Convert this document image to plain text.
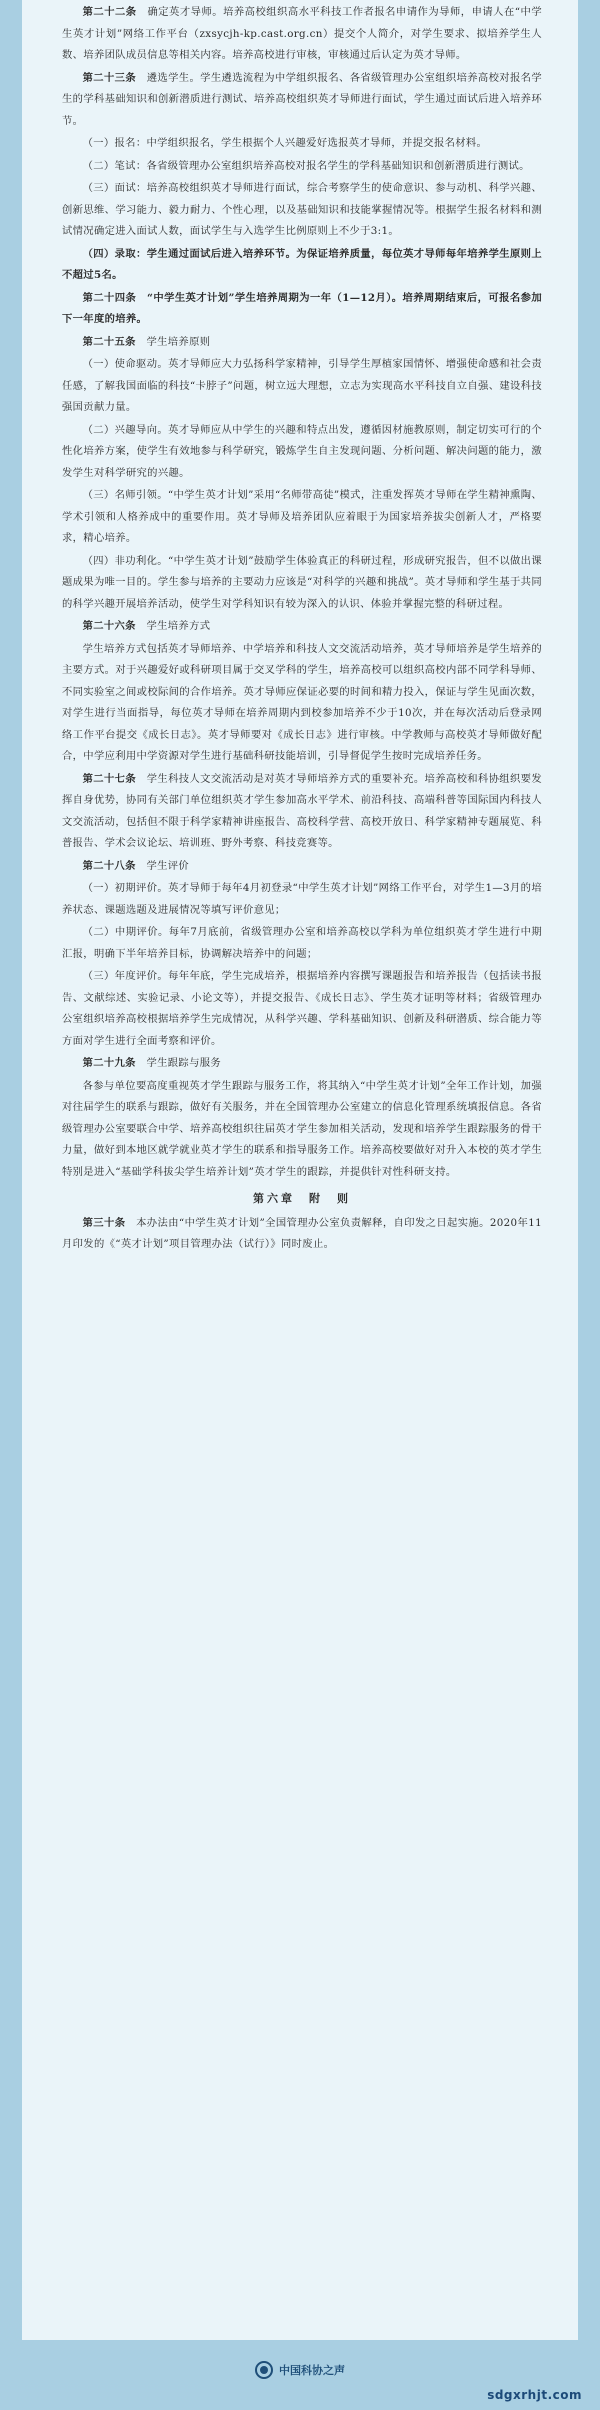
第二十二条　 确定英才导师。培养高校组织高水平科技工作者报名申请作为导师，申请人在“中学生英才计划”网络工作平台（zxsycjh-kp.cast.org.cn）提交个人简介，对学生要求、拟培养学生人数、培养团队成员信息等相关内容。培养高校进行审核，审核通过后认定为英才导师。

第二十三条　 遴选学生。学生遴选流程为中学组织报名、各省级管理办公室组织培养高校对报名学生的学科基础知识和创新潜质进行测试、培养高校组织英才导师进行面试，学生通过面试后进入培养环节。

（一）报名：中学组织报名，学生根据个人兴趣爱好选报英才导师，并提交报名材料。

（二）笔试：各省级管理办公室组织培养高校对报名学生的学科基础知识和创新潜质进行测试。

（三）面试：培养高校组织英才导师进行面试，综合考察学生的使命意识、参与动机、科学兴趣、创新思维、学习能力、毅力耐力、个性心理，以及基础知识和技能掌握情况等。根据学生报名材料和测试情况确定进入面试人数，面试学生与入选学生比例原则上不少于3:1。

（四）录取：学生通过面试后进入培养环节。为保证培养质量，每位英才导师每年培养学生原则上不超过5名。

第二十四条　 “中学生英才计划”学生培养周期为一年（1—12月）。培养周期结束后，可报名参加下一年度的培养。

第二十五条　 学生培养原则

（一）使命驱动。英才导师应大力弘扬科学家精神，引导学生厚植家国情怀、增强使命感和社会责任感，了解我国面临的科技“卡脖子”问题，树立远大理想，立志为实现高水平科技自立自强、建设科技强国贡献力量。

（二）兴趣导向。英才导师应从中学生的兴趣和特点出发，遵循因材施教原则，制定切实可行的个性化培养方案，使学生有效地参与科学研究，锻炼学生自主发现问题、分析问题、解决问题的能力，激发学生对科学研究的兴趣。

（三）名师引领。“中学生英才计划”采用“名师带高徒”模式，注重发挥英才导师在学生精神熏陶、学术引领和人格养成中的重要作用。英才导师及培养团队应着眼于为国家培养拔尖创新人才，严格要求，精心培养。

（四）非功利化。“中学生英才计划”鼓励学生体验真正的科研过程，形成研究报告，但不以做出课题成果为唯一目的。学生参与培养的主要动力应该是“对科学的兴趣和挑战”。英才导师和学生基于共同的科学兴趣开展培养活动，使学生对学科知识有较为深入的认识、体验并掌握完整的科研过程。

第二十六条　 学生培养方式

学生培养方式包括英才导师培养、中学培养和科技人文交流活动培养，英才导师培养是学生培养的主要方式。对于兴趣爱好或科研项目属于交叉学科的学生，培养高校可以组织高校内部不同学科导师、不同实验室之间或校际间的合作培养。英才导师应保证必要的时间和精力投入，保证与学生见面次数，对学生进行当面指导，每位英才导师在培养周期内到校参加培养不少于10次，并在每次活动后登录网络工作平台提交《成长日志》。英才导师要对《成长日志》进行审核。中学教师与高校英才导师做好配合，中学应利用中学资源对学生进行基础科研技能培训，引导督促学生按时完成培养任务。

第二十七条　 学生科技人文交流活动是对英才导师培养方式的重要补充。培养高校和科协组织要发挥自身优势，协同有关部门单位组织英才学生参加高水平学术、前沿科技、高端科普等国际国内科技人文交流活动，包括但不限于科学家精神讲座报告、高校科学营、高校开放日、科学家精神专题展览、科普报告、学术会议论坛、培训班、野外考察、科技竞赛等。

第二十八条　 学生评价

（一）初期评价。英才导师于每年4月初登录“中学生英才计划”网络工作平台，对学生1—3月的培养状态、课题选题及进展情况等填写评价意见；

（二）中期评价。每年7月底前，省级管理办公室和培养高校以学科为单位组织英才学生进行中期汇报，明确下半年培养目标，协调解决培养中的问题；

（三）年度评价。每年年底，学生完成培养，根据培养内容撰写课题报告和培养报告（包括读书报告、文献综述、实验记录、小论文等），并提交报告、《成长日志》、学生英才证明等材料；省级管理办公室组织培养高校根据培养学生完成情况，从科学兴趣、学科基础知识、创新及科研潜质、综合能力等方面对学生进行全面考察和评价。

第二十九条　 学生跟踪与服务

各参与单位要高度重视英才学生跟踪与服务工作，将其纳入“中学生英才计划”全年工作计划，加强对往届学生的联系与跟踪，做好有关服务，并在全国管理办公室建立的信息化管理系统填报信息。各省级管理办公室要联合中学、培养高校组织往届英才学生参加相关活动，发现和培养学生跟踪服务的骨干力量，做好到本地区就学就业英才学生的联系和指导服务工作。培养高校要做好对升入本校的英才学生特别是进入“基础学科拔尖学生培养计划”英才学生的跟踪，并提供针对性科研支持。

第六章　附　则

第三十条　 本办法由“中学生英才计划”全国管理办公室负责解释，自印发之日起实施。2020年11月印发的《“英才计划”项目管理办法（试行）》同时废止。

中国科协之声
sdgxrhjt.com
